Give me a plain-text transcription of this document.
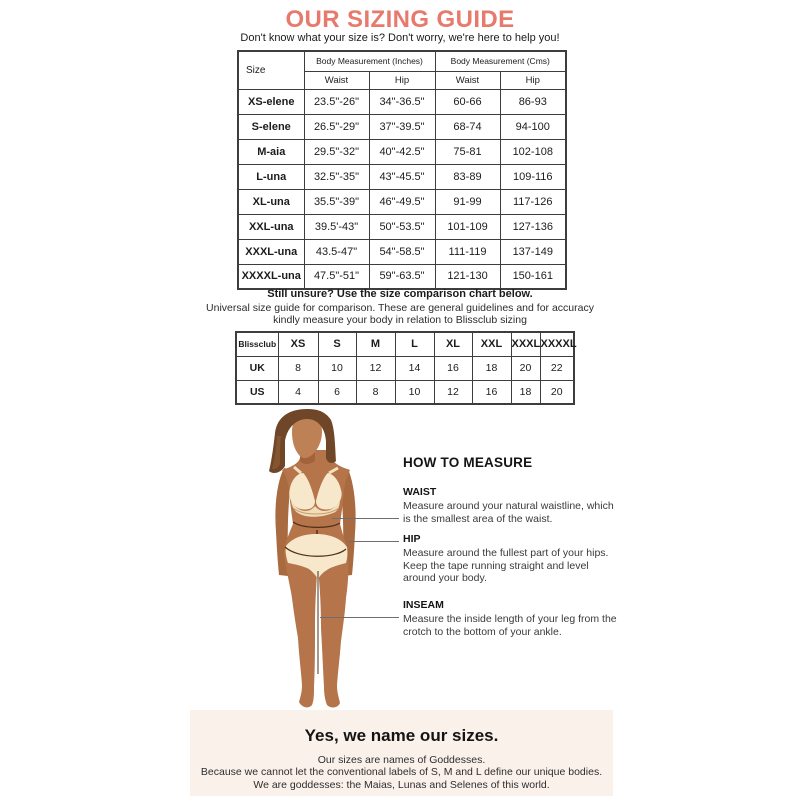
OUR SIZING GUIDE
Don't know what your size is? Don't worry, we're here to help you!
Size	Body Measurement (Inches)		Body Measurement (Cms)	
	Waist	Hip	Waist	Hip
XS-elene	23.5"-26"	34"-36.5"	60-66	86-93
S-elene	26.5"-29"	37"-39.5"	68-74	94-100
M-aia	29.5"-32"	40"-42.5"	75-81	102-108
L-una	32.5"-35"	43"-45.5"	83-89	109-116
XL-una	35.5"-39"	46"-49.5"	91-99	117-126
XXL-una	39.5'-43"	50"-53.5"	101-109	127-136
XXXL-una	43.5-47"	54"-58.5"	111-119	137-149
XXXXL-una	47.5"-51"	59"-63.5"	121-130	150-161
Still unsure? Use the size comparison chart below.
Universal size guide for comparison. These are general guidelines and for accuracy
kindly measure your body in relation to Blissclub sizing
Blissclub	XS	S	M	L	XL	XXL	XXXL	XXXXL
UK	8	10	12	14	16	18	20	22
US	4	6	8	10	12	16	18	20
HOW TO MEASURE
WAIST
Measure around your natural waistline, which is the smallest area of the waist.
HIP
Measure around the fullest part of your hips. Keep the tape running straight and level around your body.
INSEAM
Measure the inside length of your leg from the crotch to the bottom of your ankle.
Yes, we name our sizes.
Our sizes are names of Goddesses.
Because we cannot let the conventional labels of S, M and L define our unique bodies.
We are goddesses: the Maias, Lunas and Selenes of this world.
